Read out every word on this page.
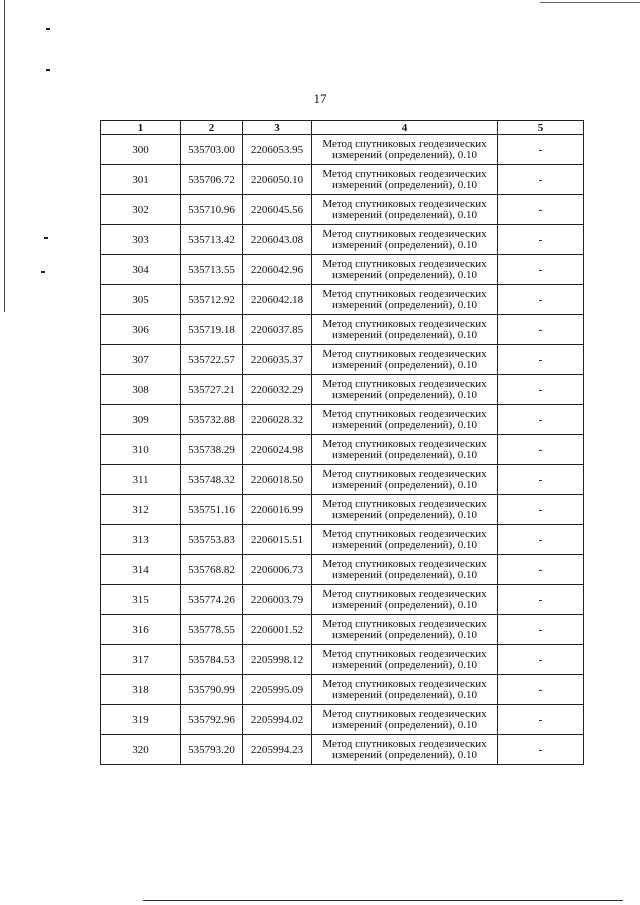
17
1	2	3	4	5
300	535703.00	2206053.95	Метод спутниковых геодезических
измерений (определений), 0.10	-
301	535706.72	2206050.10	Метод спутниковых геодезических
измерений (определений), 0.10	-
302	535710.96	2206045.56	Метод спутниковых геодезических
измерений (определений), 0.10	-
303	535713.42	2206043.08	Метод спутниковых геодезических
измерений (определений), 0.10	-
304	535713.55	2206042.96	Метод спутниковых геодезических
измерений (определений), 0.10	-
305	535712.92	2206042.18	Метод спутниковых геодезических
измерений (определений), 0.10	-
306	535719.18	2206037.85	Метод спутниковых геодезических
измерений (определений), 0.10	-
307	535722.57	2206035.37	Метод спутниковых геодезических
измерений (определений), 0.10	-
308	535727.21	2206032.29	Метод спутниковых геодезических
измерений (определений), 0.10	-
309	535732.88	2206028.32	Метод спутниковых геодезических
измерений (определений), 0.10	-
310	535738.29	2206024.98	Метод спутниковых геодезических
измерений (определений), 0.10	-
311	535748.32	2206018.50	Метод спутниковых геодезических
измерений (определений), 0.10	-
312	535751.16	2206016.99	Метод спутниковых геодезических
измерений (определений), 0.10	-
313	535753.83	2206015.51	Метод спутниковых геодезических
измерений (определений), 0.10	-
314	535768.82	2206006.73	Метод спутниковых геодезических
измерений (определений), 0.10	-
315	535774.26	2206003.79	Метод спутниковых геодезических
измерений (определений), 0.10	-
316	535778.55	2206001.52	Метод спутниковых геодезических
измерений (определений), 0.10	-
317	535784.53	2205998.12	Метод спутниковых геодезических
измерений (определений), 0.10	-
318	535790.99	2205995.09	Метод спутниковых геодезических
измерений (определений), 0.10	-
319	535792.96	2205994.02	Метод спутниковых геодезических
измерений (определений), 0.10	-
320	535793.20	2205994.23	Метод спутниковых геодезических
измерений (определений), 0.10	-
